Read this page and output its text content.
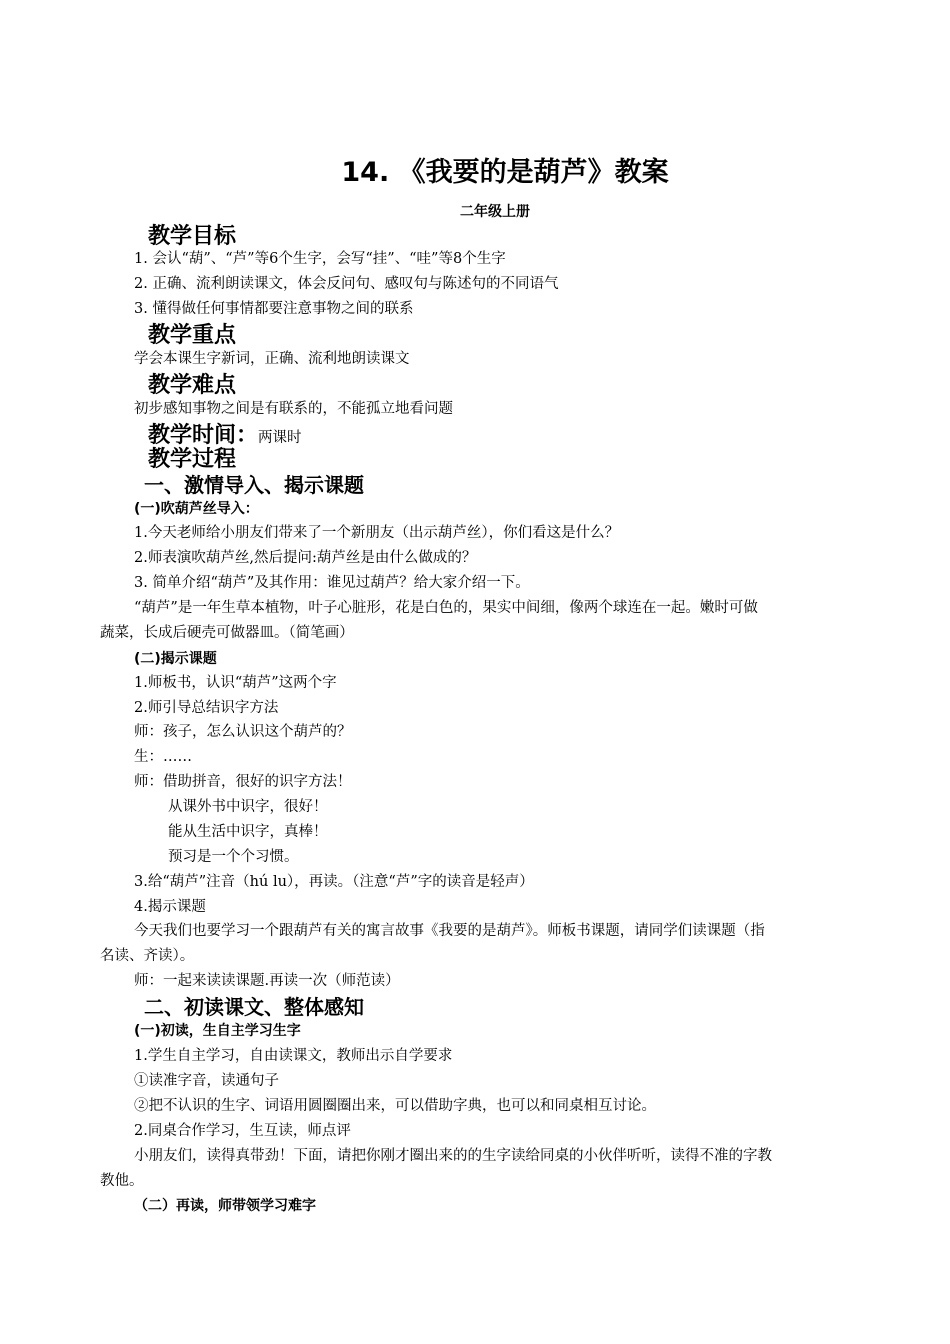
14. 《我要的是葫芦》教案
二年级上册
教学目标
1. 会认“葫”、“芦”等6个生字，会写“挂”、“哇”等8个生字
2. 正确、流利朗读课文，体会反问句、感叹句与陈述句的不同语气
3. 懂得做任何事情都要注意事物之间的联系
教学重点
学会本课生字新词，正确、流利地朗读课文
教学难点
初步感知事物之间是有联系的，不能孤立地看问题
教学时间：两课时
教学过程
一、激情导入、揭示课题
(一)吹葫芦丝导入：
1.今天老师给小朋友们带来了一个新朋友（出示葫芦丝），你们看这是什么？
2.师表演吹葫芦丝,然后提问:葫芦丝是由什么做成的？
3. 简单介绍“葫芦”及其作用：谁见过葫芦？给大家介绍一下。
“葫芦”是一年生草本植物，叶子心脏形，花是白色的，果实中间细，像两个球连在一起。嫩时可做
蔬菜，长成后硬壳可做器皿。（简笔画）
(二)揭示课题
1.师板书，认识“葫芦”这两个字
2.师引导总结识字方法
师：孩子，怎么认识这个葫芦的？
生：……
师：借助拼音，很好的识字方法！
从课外书中识字，很好！
能从生活中识字，真棒！
预习是一个个习惯。
3.给“葫芦”注音（hú lu），再读。（注意“芦”字的读音是轻声）
4.揭示课题
今天我们也要学习一个跟葫芦有关的寓言故事《我要的是葫芦》。师板书课题，请同学们读课题（指
名读、齐读）。
师：一起来读读课题.再读一次（师范读）
二、初读课文、整体感知
(一)初读，生自主学习生字
1.学生自主学习，自由读课文，教师出示自学要求
①读准字音，读通句子
②把不认识的生字、词语用圆圈圈出来，可以借助字典，也可以和同桌相互讨论。
2.同桌合作学习，生互读，师点评
小朋友们，读得真带劲！下面，请把你刚才圈出来的的生字读给同桌的小伙伴听听，读得不准的字教
教他。
（二）再读，师带领学习难字
